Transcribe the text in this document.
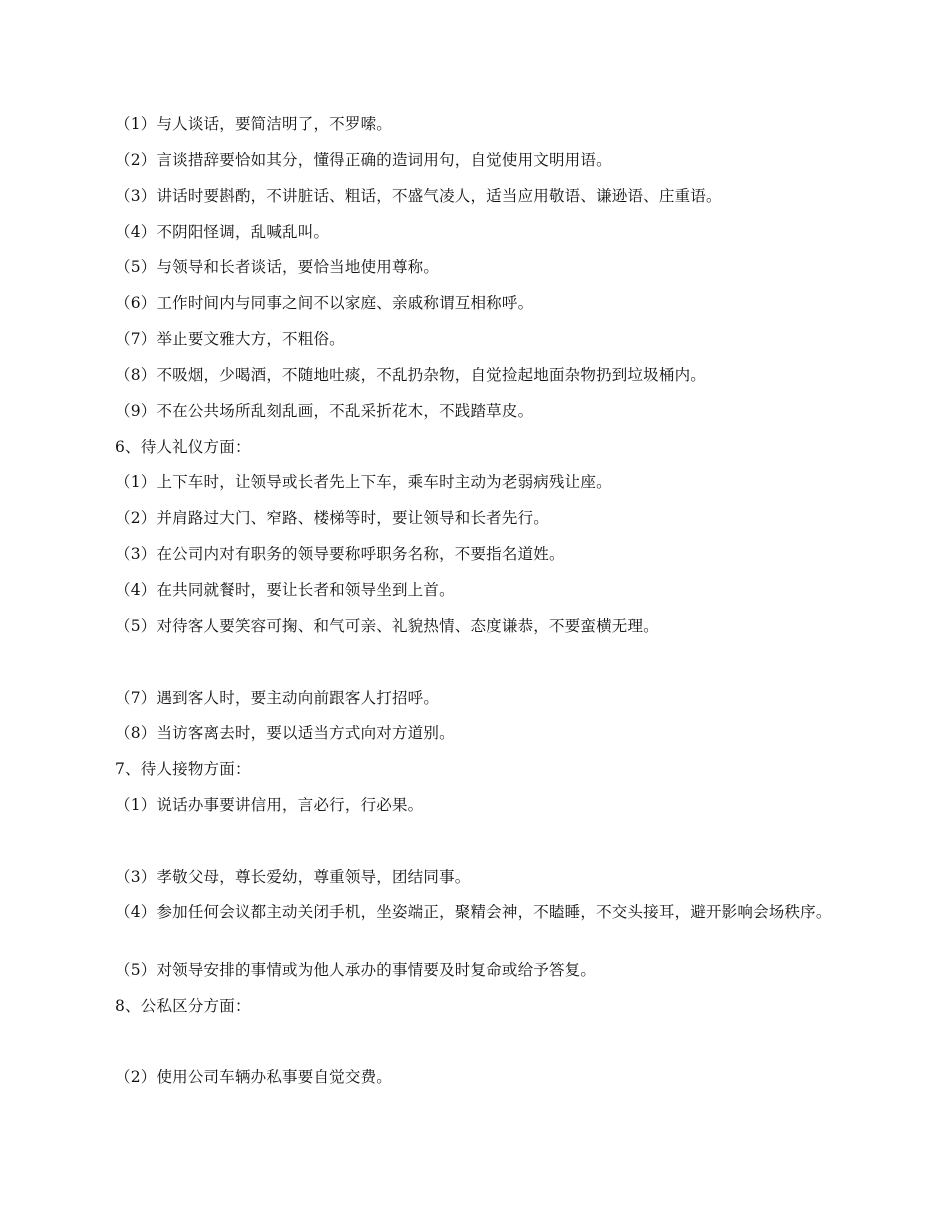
（1）与人谈话，要简洁明了，不罗嗦。
（2）言谈措辞要恰如其分，懂得正确的造词用句，自觉使用文明用语。
（3）讲话时要斟酌，不讲脏话、粗话，不盛气凌人，适当应用敬语、谦逊语、庄重语。
（4）不阴阳怪调，乱喊乱叫。
（5）与领导和长者谈话，要恰当地使用尊称。
（6）工作时间内与同事之间不以家庭、亲戚称谓互相称呼。
（7）举止要文雅大方，不粗俗。
（8）不吸烟，少喝酒，不随地吐痰，不乱扔杂物，自觉捡起地面杂物扔到垃圾桶内。
（9）不在公共场所乱刻乱画，不乱采折花木，不践踏草皮。
6、待人礼仪方面：
（1）上下车时，让领导或长者先上下车，乘车时主动为老弱病残让座。
（2）并肩路过大门、窄路、楼梯等时，要让领导和长者先行。
（3）在公司内对有职务的领导要称呼职务名称，不要指名道姓。
（4）在共同就餐时，要让长者和领导坐到上首。
（5）对待客人要笑容可掬、和气可亲、礼貌热情、态度谦恭，不要蛮横无理。
（7）遇到客人时，要主动向前跟客人打招呼。
（8）当访客离去时，要以适当方式向对方道别。
7、待人接物方面：
（1）说话办事要讲信用，言必行，行必果。
（3）孝敬父母，尊长爱幼，尊重领导，团结同事。
（4）参加任何会议都主动关闭手机，坐姿端正，聚精会神，不瞌睡，不交头接耳，避开影响会场秩序。
（5）对领导安排的事情或为他人承办的事情要及时复命或给予答复。
8、公私区分方面：
（2）使用公司车辆办私事要自觉交费。
